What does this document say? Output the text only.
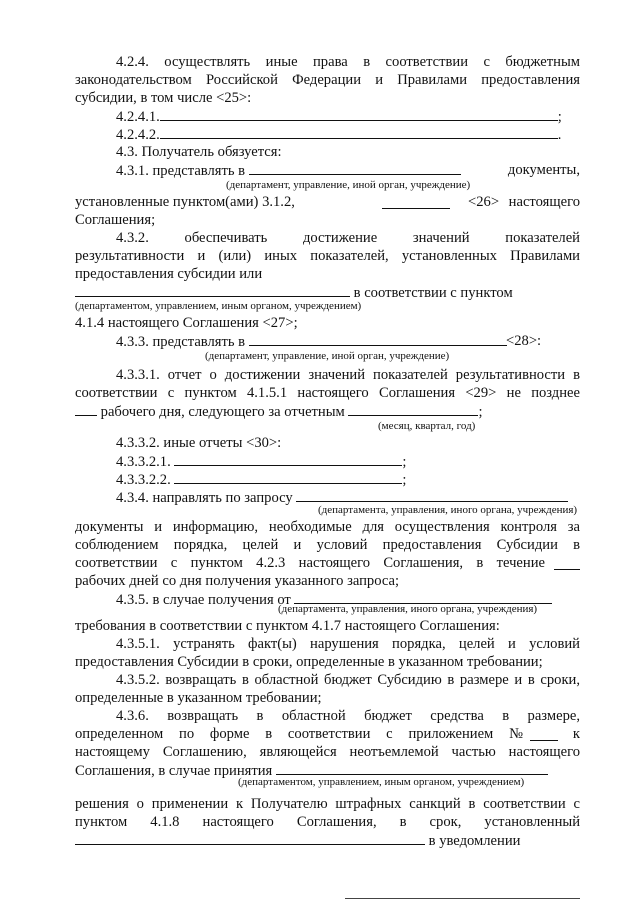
4.2.4. осуществлять иные права в соответствии с бюджетным
законодательством Российской Федерации и Правилами предоставления
субсидии, в том числе <25>:
4.2.4.1.	;
4.2.4.2.	.
4.3. Получатель обязуется:
4.3.1. представлять в	документы,
(департамент, управление, иной орган, учреждение)
установленные пунктом(ами) 3.1.2,	<26> настоящего
Соглашения;
4.3.2. обеспечивать достижение значений показателей
результативности и (или) иных показателей, установленных Правилами
предоставления субсидии или
в соответствии с пунктом
(департаментом, управлением, иным органом, учреждением)
4.1.4 настоящего Соглашения <27>;
4.3.3. представлять в	<28>:
(департамент, управление, иной орган, учреждение)
4.3.3.1. отчет о достижении значений показателей результативности в
соответствии с пунктом 4.1.5.1 настоящего Соглашения <29> не позднее
рабочего дня, следующего за отчетным	;
(месяц, квартал, год)
4.3.3.2. иные отчеты <30>:
4.3.3.2.1.	;
4.3.3.2.2.	;
4.3.4. направлять по запросу
(департамента, управления, иного органа, учреждения)
документы и информацию, необходимые для осуществления контроля за
соблюдением порядка, целей и условий предоставления Субсидии в
соответствии с пунктом 4.2.3 настоящего Соглашения, в течение
рабочих дней со дня получения указанного запроса;
4.3.5. в случае получения от
(департамента, управления, иного органа, учреждения)
требования в соответствии с пунктом 4.1.7 настоящего Соглашения:
4.3.5.1. устранять факт(ы) нарушения порядка, целей и условий
предоставления Субсидии в сроки, определенные в указанном требовании;
4.3.5.2. возвращать в областной бюджет Субсидию в размере и в сроки,
определенные в указанном требовании;
4.3.6. возвращать в областной бюджет средства в размере,
определенном по форме в соответствии с приложением №	к
настоящему Соглашению, являющейся неотъемлемой частью настоящего
Соглашения, в случае принятия
(департаментом, управлением, иным органом, учреждением)
решения о применении к Получателю штрафных санкций в соответствии с
пунктом 4.1.8 настоящего Соглашения, в срок, установленный
в уведомлении
